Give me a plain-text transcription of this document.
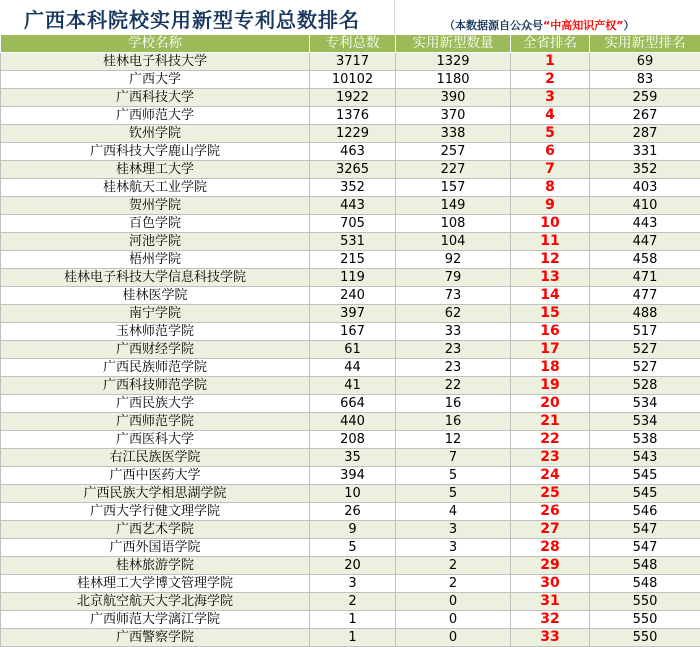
广西本科院校实用新型专利总数排名	（本数据源自公众号“中高知识产权”）
学校名称	专利总数	实用新型数量	全省排名	实用新型排名
桂林电子科技大学	3717	1329	1	69
广西大学	10102	1180	2	83
广西科技大学	1922	390	3	259
广西师范大学	1376	370	4	267
钦州学院	1229	338	5	287
广西科技大学鹿山学院	463	257	6	331
桂林理工大学	3265	227	7	352
桂林航天工业学院	352	157	8	403
贺州学院	443	149	9	410
百色学院	705	108	10	443
河池学院	531	104	11	447
梧州学院	215	92	12	458
桂林电子科技大学信息科技学院	119	79	13	471
桂林医学院	240	73	14	477
南宁学院	397	62	15	488
玉林师范学院	167	33	16	517
广西财经学院	61	23	17	527
广西民族师范学院	44	23	18	527
广西科技师范学院	41	22	19	528
广西民族大学	664	16	20	534
广西师范学院	440	16	21	534
广西医科大学	208	12	22	538
右江民族医学院	35	7	23	543
广西中医药大学	394	5	24	545
广西民族大学相思湖学院	10	5	25	545
广西大学行健文理学院	26	4	26	546
广西艺术学院	9	3	27	547
广西外国语学院	5	3	28	547
桂林旅游学院	20	2	29	548
桂林理工大学博文管理学院	3	2	30	548
北京航空航天大学北海学院	2	0	31	550
广西师范大学漓江学院	1	0	32	550
广西警察学院	1	0	33	550
